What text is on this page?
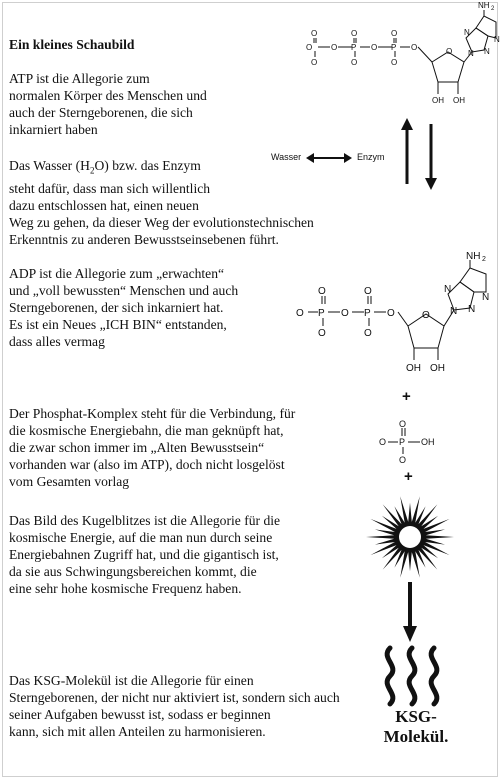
Ein kleines Schaubild

ATP ist die Allegorie zum
normalen Körper des Menschen und
auch der Sterngeborenen, die sich
inkarniert haben

Das Wasser $(H_2O)$ bzw. das Enzym
steht dafür, dass man sich willentlich
dazu entschlossen hat, einen neuen
Weg zu gehen, da dieser Weg der evolutionstechnischen
Erkenntnis zu anderen Bewusstseinsebenen führt.

ADP ist die Allegorie zum „erwachten“
und „voll bewussten“ Menschen und auch
Sterngeborenen, der sich inkarniert hat.
Es ist ein Neues „ICH BIN“ entstanden,
dass alles vermag

Der Phosphat-Komplex steht für die Verbindung, für
die kosmische Energiebahn, die man geknüpft hat,
die zwar schon immer im „Alten Bewusstsein“
vorhanden war (also im ATP), doch nicht losgelöst
vom Gesamten vorlag

Das Bild des Kugelblitzes ist die Allegorie für die
kosmische Energie, auf die man nun durch seine
Energiebahnen Zugriff hat, und die gigantisch ist,
da sie aus Schwingungsbereichen kommt, die
eine sehr hohe kosmische Frequenz haben.

Das KSG-Molekül ist die Allegorie für einen
Sterngeborenen, der nicht nur aktiviert ist, sondern sich auch
seiner Aufgaben bewusst ist, sodass er beginnen
kann, sich mit allen Anteilen zu harmonisieren.

O O P O P O
O	O	O
O	O	O
O
OH OH
N N
N
N
NH 2
Wasser	Enzym
O P O P O
O	O
O	O
O
OH OH
N N
N
N
NH 2
+
O P OH
O
O
+
KSG-
Molekül.
